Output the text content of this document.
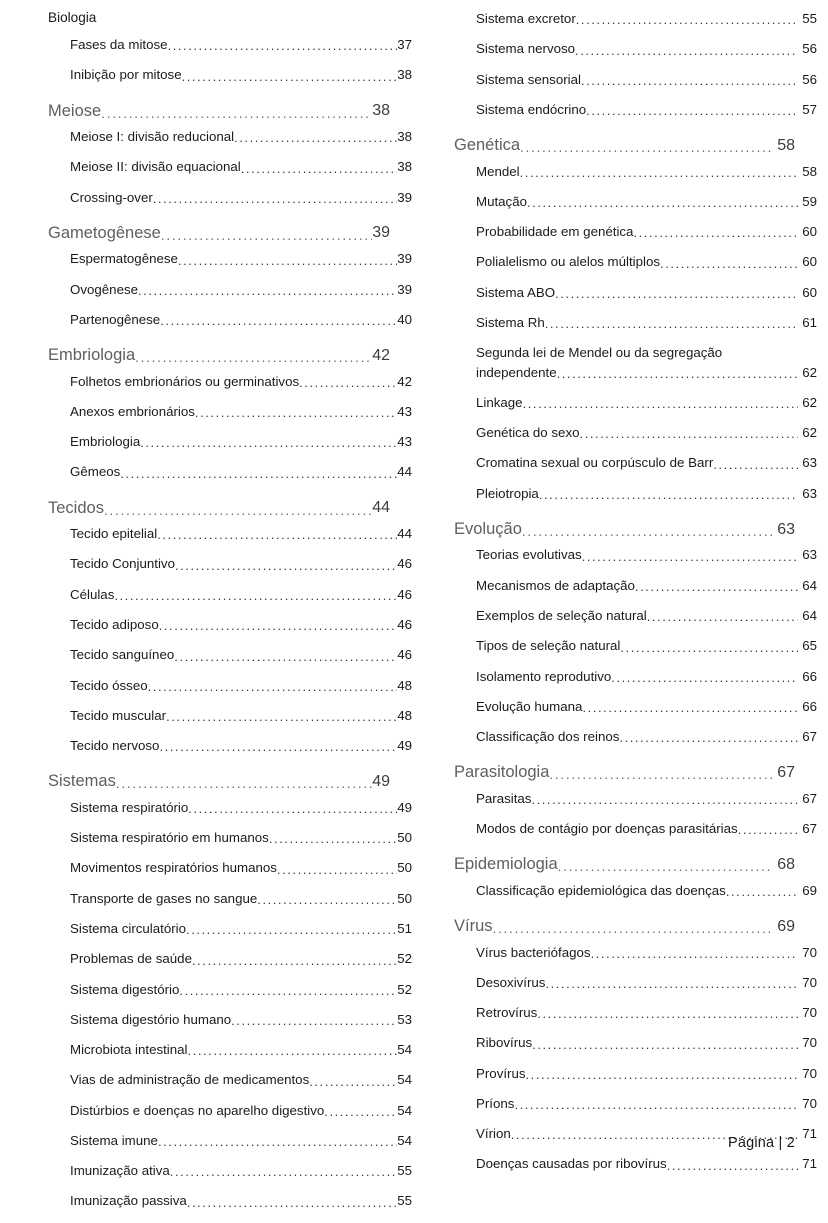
Biologia
Fases da mitose .....	37
Inibição por mitose .....	38
Meiose .....	38
Meiose I: divisão reducional .....	38
Meiose II: divisão equacional .....	38
Crossing-over .....	39
Gametogênese .....	39
Espermatogênese .....	39
Ovogênese .....	39
Partenogênese .....	40
Embriologia .....	42
Folhetos embrionários ou germinativos .....	42
Anexos embrionários .....	43
Embriologia .....	43
Gêmeos .....	44
Tecidos .....	44
Tecido epitelial .....	44
Tecido Conjuntivo .....	46
Células .....	46
Tecido adiposo .....	46
Tecido sanguíneo .....	46
Tecido ósseo .....	48
Tecido muscular .....	48
Tecido nervoso .....	49
Sistemas .....	49
Sistema respiratório .....	49
Sistema respiratório em humanos .....	50
Movimentos respiratórios humanos .....	50
Transporte de gases no sangue .....	50
Sistema circulatório .....	51
Problemas de saúde .....	52
Sistema digestório .....	52
Sistema digestório humano .....	53
Microbiota intestinal .....	54
Vias de administração de medicamentos .....	54
Distúrbios e doenças no aparelho digestivo .....	54
Sistema imune .....	54
Imunização ativa .....	55
Imunização passiva .....	55
Sistema excretor .....	55
Sistema nervoso .....	56
Sistema sensorial .....	56
Sistema endócrino .....	57
Genética .....	58
Mendel .....	58
Mutação .....	59
Probabilidade em genética .....	60
Polialelismo ou alelos múltiplos .....	60
Sistema ABO .....	60
Sistema Rh .....	61
Segunda lei de Mendel ou da segregação
independente .....	62
Linkage .....	62
Genética do sexo .....	62
Cromatina sexual ou corpúsculo de Barr .....	63
Pleiotropia .....	63
Evolução .....	63
Teorias evolutivas .....	63
Mecanismos de adaptação .....	64
Exemplos de seleção natural .....	64
Tipos de seleção natural .....	65
Isolamento reprodutivo .....	66
Evolução humana .....	66
Classificação dos reinos .....	67
Parasitologia .....	67
Parasitas .....	67
Modos de contágio por doenças parasitárias .....	67
Epidemiologia .....	68
Classificação epidemiológica das doenças .....	69
Vírus .....	69
Vírus bacteriófagos .....	70
Desoxivírus .....	70
Retrovírus .....	70
Ribovírus .....	70
Provírus .....	70
Príons .....	70
Vírion .....	71
Doenças causadas por ribovírus .....	71
Página | 2
